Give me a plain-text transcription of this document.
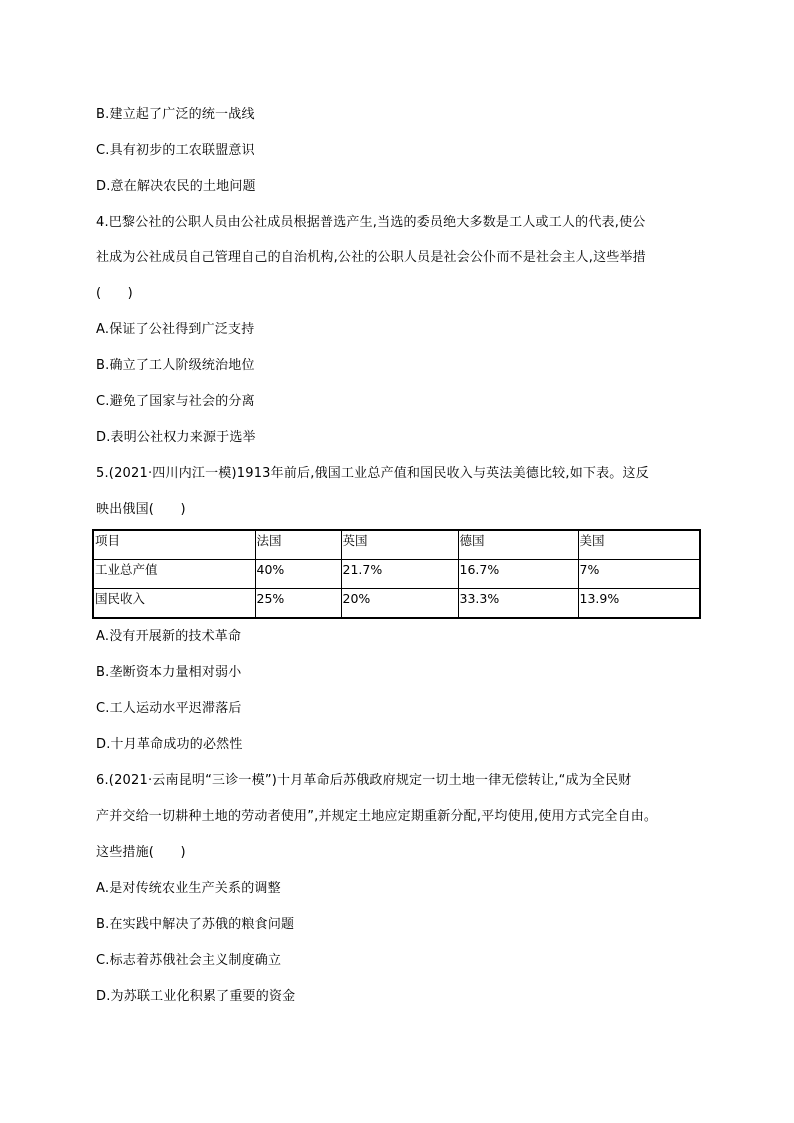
B.建立起了广泛的统一战线
C.具有初步的工农联盟意识
D.意在解决农民的土地问题
4.巴黎公社的公职人员由公社成员根据普选产生,当选的委员绝大多数是工人或工人的代表,使公
社成为公社成员自己管理自己的自治机构,公社的公职人员是社会公仆而不是社会主人,这些举措
(　　)
A.保证了公社得到广泛支持
B.确立了工人阶级统治地位
C.避免了国家与社会的分离
D.表明公社权力来源于选举
5.(2021·四川内江一模)1913年前后,俄国工业总产值和国民收入与英法美德比较,如下表。这反
映出俄国(　　)
项目	法国	英国	德国	美国
工业总产值	40%	21.7%	16.7%	7%
国民收入	25%	20%	33.3%	13.9%
A.没有开展新的技术革命
B.垄断资本力量相对弱小
C.工人运动水平迟滞落后
D.十月革命成功的必然性
6.(2021·云南昆明“三诊一模”)十月革命后苏俄政府规定一切土地一律无偿转让,“成为全民财
产并交给一切耕种土地的劳动者使用”,并规定土地应定期重新分配,平均使用,使用方式完全自由。
这些措施(　　)
A.是对传统农业生产关系的调整
B.在实践中解决了苏俄的粮食问题
C.标志着苏俄社会主义制度确立
D.为苏联工业化积累了重要的资金
